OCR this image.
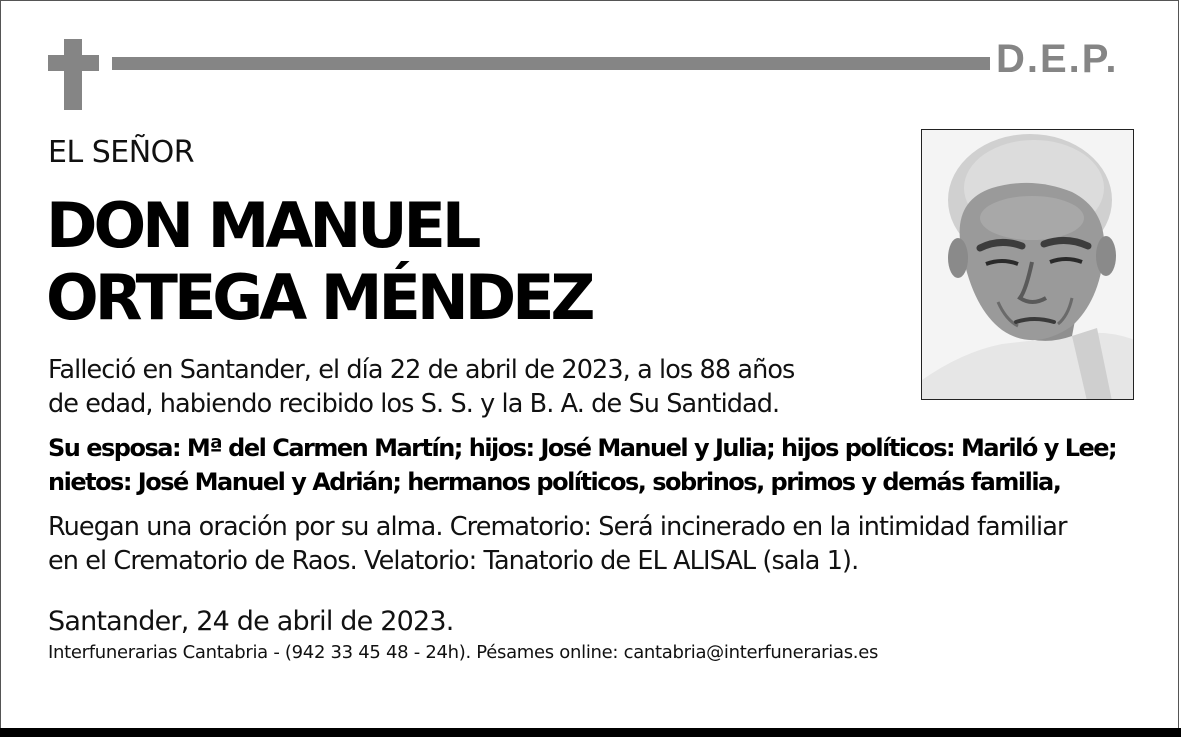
D.E.P.
EL SEÑOR
DON MANUEL
ORTEGA MÉNDEZ
Falleció en Santander, el día 22 de abril de 2023, a los 88 años
de edad, habiendo recibido los S. S. y la B. A. de Su Santidad.
Su esposa: Mª del Carmen Martín; hijos: José Manuel y Julia; hijos políticos: Mariló y Lee;
nietos: José Manuel y Adrián; hermanos políticos, sobrinos, primos y demás familia,
Ruegan una oración por su alma. Crematorio: Será incinerado en la intimidad familiar
en el Crematorio de Raos. Velatorio: Tanatorio de EL ALISAL (sala 1).
Santander, 24 de abril de 2023.
Interfunerarias Cantabria - (942 33 45 48 - 24h). Pésames online: cantabria@interfunerarias.es
